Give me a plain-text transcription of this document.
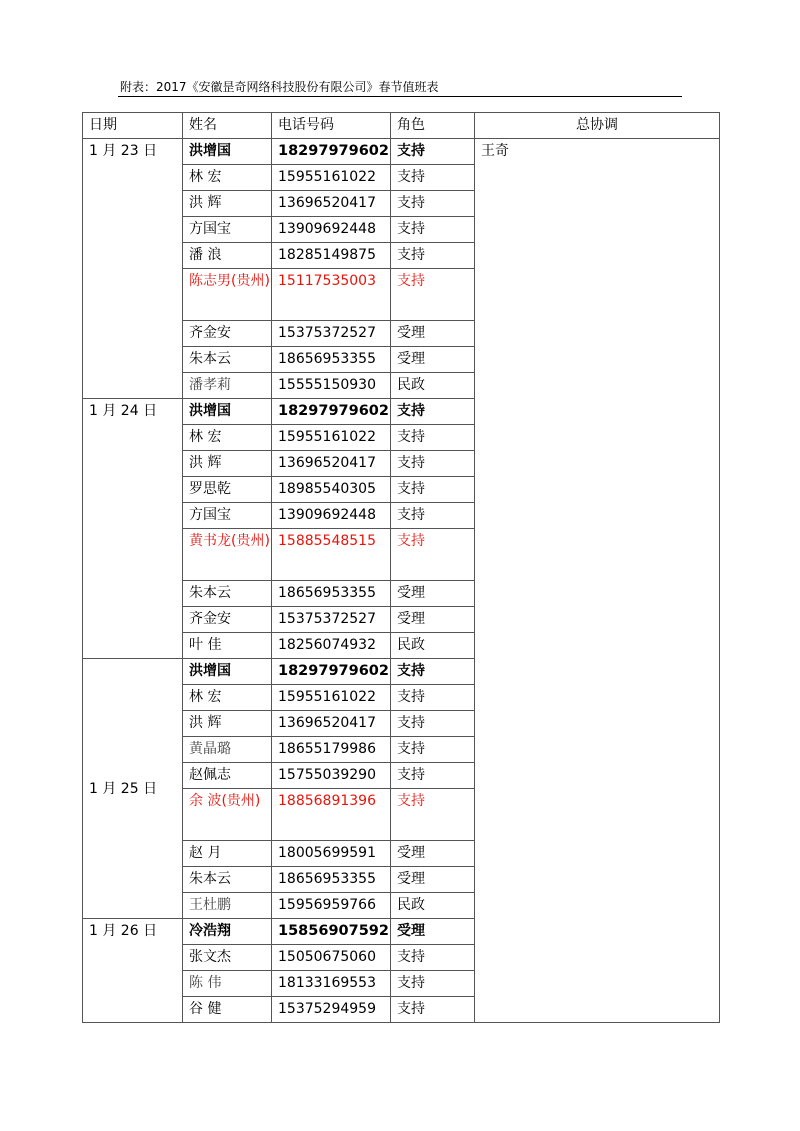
附表：2017《安徽昰奇网络科技股份有限公司》春节值班表
日期	姓名	电话号码	角色	总协调
1 月 23 日	洪增国	18297979602	支持	王奇
	林 宏	15955161022	支持	
	洪 辉	13696520417	支持	
	方国宝	13909692448	支持	
	潘 浪	18285149875	支持	
	陈志男(贵州)	15117535003	支持	
	齐金安	15375372527	受理	
	朱本云	18656953355	受理	
	潘孝莉	15555150930	民政	
1 月 24 日	洪增国	18297979602	支持	
	林 宏	15955161022	支持	
	洪 辉	13696520417	支持	
	罗思乾	18985540305	支持	
	方国宝	13909692448	支持	
	黄书龙(贵州)	15885548515	支持	
	朱本云	18656953355	受理	
	齐金安	15375372527	受理	
	叶 佳	18256074932	民政	
1 月 25 日	洪增国	18297979602	支持	
	林 宏	15955161022	支持	
	洪 辉	13696520417	支持	
	黄晶璐	18655179986	支持	
	赵佩志	15755039290	支持	
	余 波(贵州)	18856891396	支持	
	赵 月	18005699591	受理	
	朱本云	18656953355	受理	
	王杜鹏	15956959766	民政	
1 月 26 日	冷浩翔	15856907592	受理	
	张文杰	15050675060	支持	
	陈 伟	18133169553	支持	
	谷 健	15375294959	支持	
